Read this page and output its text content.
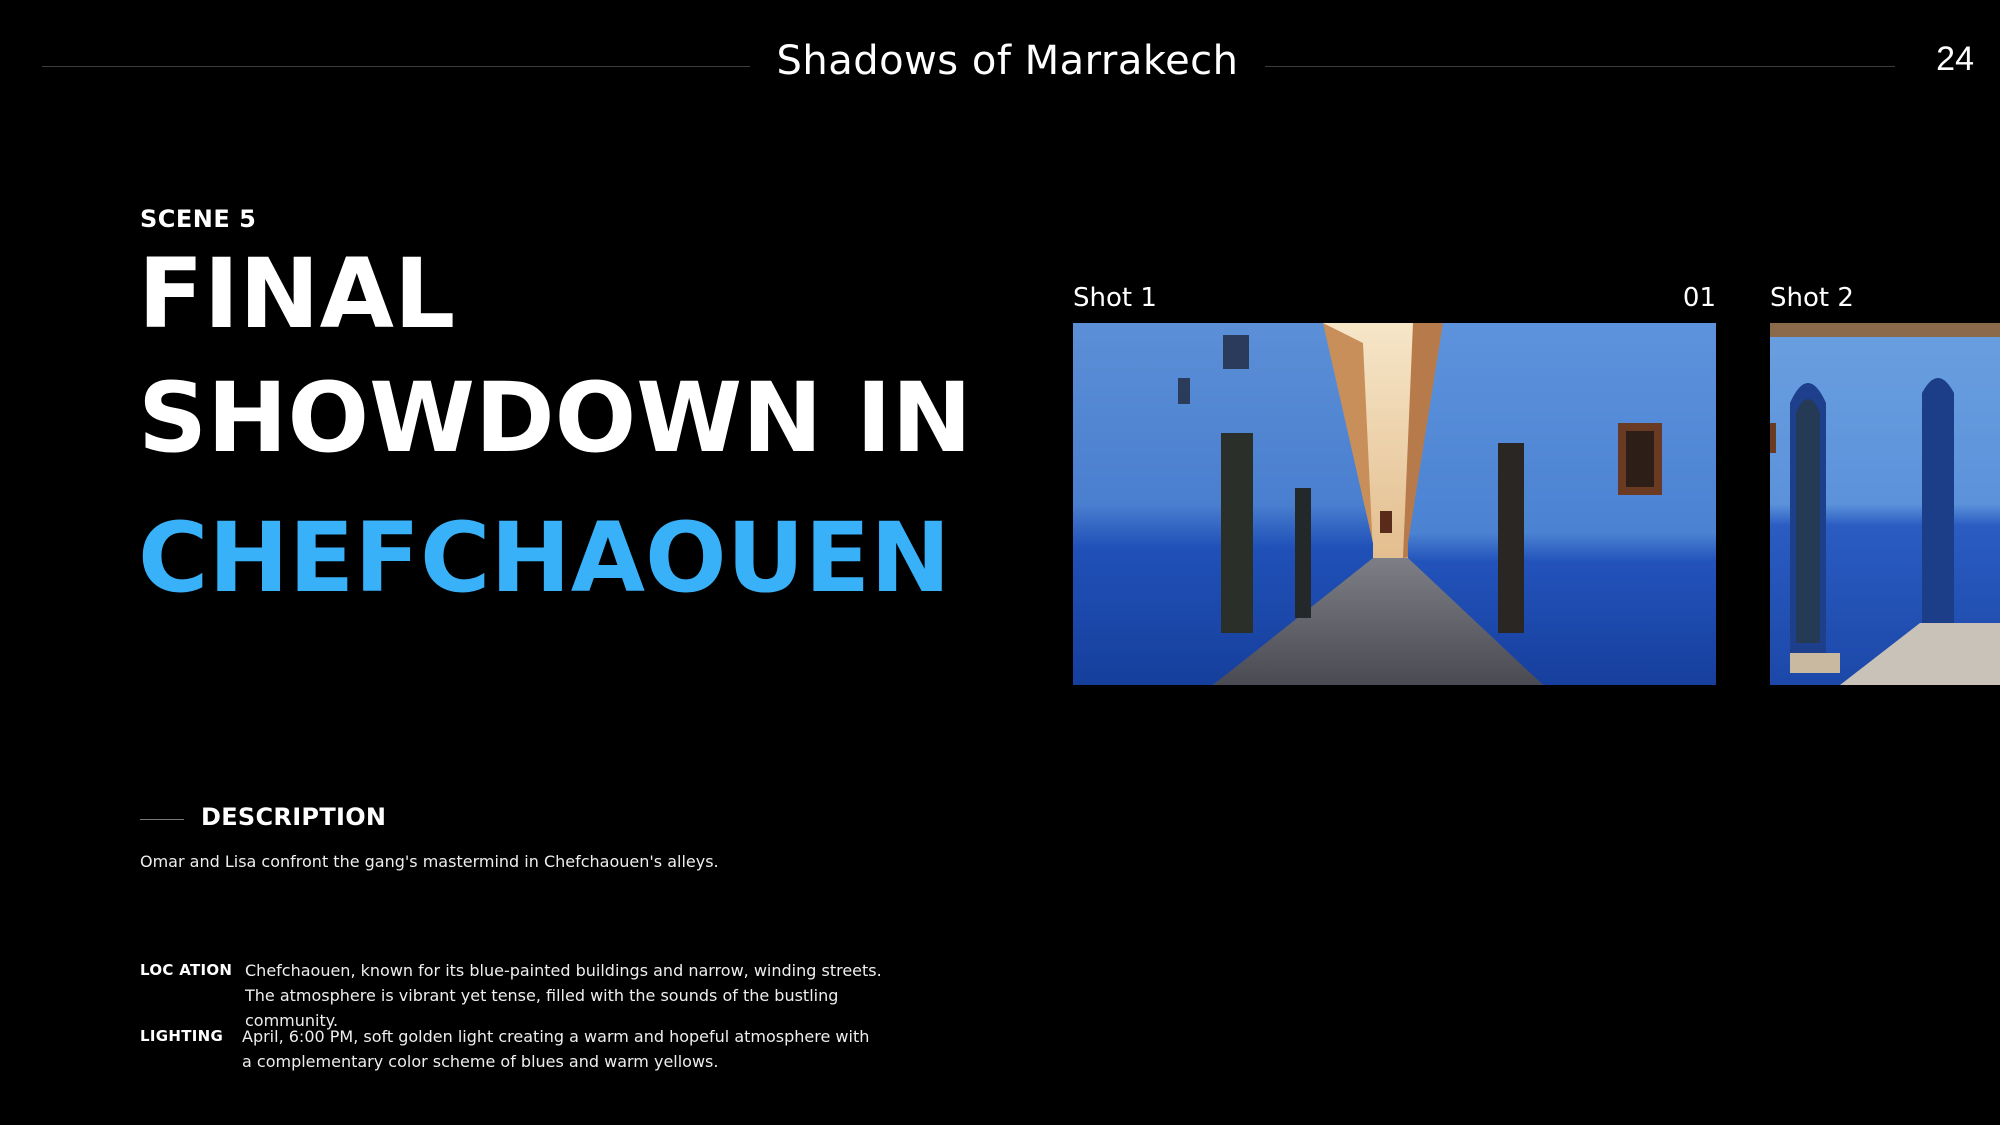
Shadows of Marrakech	24
SCENE 5
FINAL
SHOWDOWN IN
CHEFCHAOUEN
Shot 1	01 Shot 2
DESCRIPTION
Omar and Lisa confront the gang's mastermind in Chefchaouen's alleys.
LOC ATION Chefchaouen, known for its blue-painted buildings and narrow, winding streets. The atmosphere is vibrant yet tense, filled with the sounds of the bustling community.
LIGHTING	April, 6:00 PM, soft golden light creating a warm and hopeful atmosphere with a complementary color scheme of blues and warm yellows.
